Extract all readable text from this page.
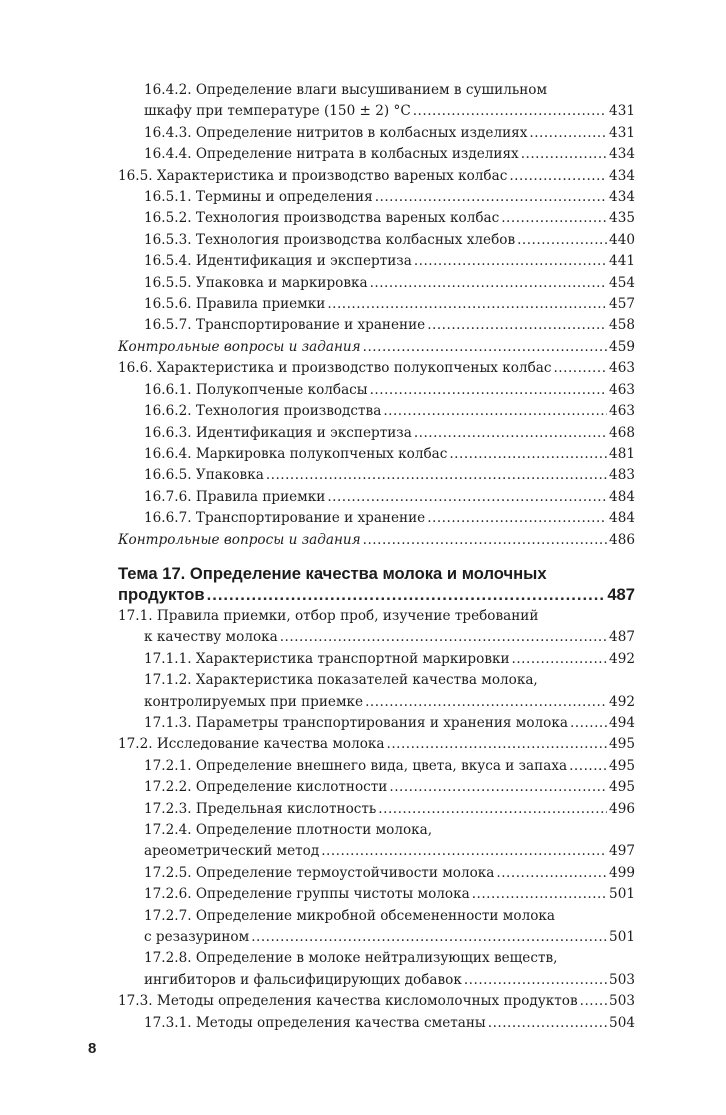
16.4.2. Определение влаги высушиванием в сушильном
шкафу при температуре (150 ± 2) °С .....	431
16.4.3. Определение нитритов в колбасных изделиях .....	431
16.4.4. Определение нитрата в колбасных изделиях .....	434
16.5. Характеристика и производство вареных колбас .....	434
16.5.1. Термины и определения .....	434
16.5.2. Технология производства вареных колбас .....	435
16.5.3. Технология производства колбасных хлебов .....	440
16.5.4. Идентификация и экспертиза .....	441
16.5.5. Упаковка и маркировка .....	454
16.5.6. Правила приемки .....	457
16.5.7. Транспортирование и хранение .....	458
Контрольные вопросы и задания .....	459
16.6. Характеристика и производство полукопченых колбас .....	463
16.6.1. Полукопченые колбасы .....	463
16.6.2. Технология производства .....	463
16.6.3. Идентификация и экспертиза .....	468
16.6.4. Маркировка полукопченых колбас .....	481
16.6.5. Упаковка .....	483
16.7.6. Правила приемки .....	484
16.6.7. Транспортирование и хранение .....	484
Контрольные вопросы и задания .....	486
Тема 17. Определение качества молока и молочных
продуктов .....	487
17.1. Правила приемки, отбор проб, изучение требований
к качеству молока .....	487
17.1.1. Характеристика транспортной маркировки .....	492
17.1.2. Характеристика показателей качества молока,
контролируемых при приемке .....	492
17.1.3. Параметры транспортирования и хранения молока .....	494
17.2. Исследование качества молока .....	495
17.2.1. Определение внешнего вида, цвета, вкуса и запаха .....	495
17.2.2. Определение кислотности .....	495
17.2.3. Предельная кислотность .....	496
17.2.4. Определение плотности молока,
ареометрический метод .....	497
17.2.5. Определение термоустойчивости молока .....	499
17.2.6. Определение группы чистоты молока .....	501
17.2.7. Определение микробной обсемененности молока
с резазурином .....	501
17.2.8. Определение в молоке нейтрализующих веществ,
ингибиторов и фальсифицирующих добавок .....	503
17.3. Методы определения качества кисломолочных продуктов ..... 503
17.3.1. Методы определения качества сметаны .....	504
8
